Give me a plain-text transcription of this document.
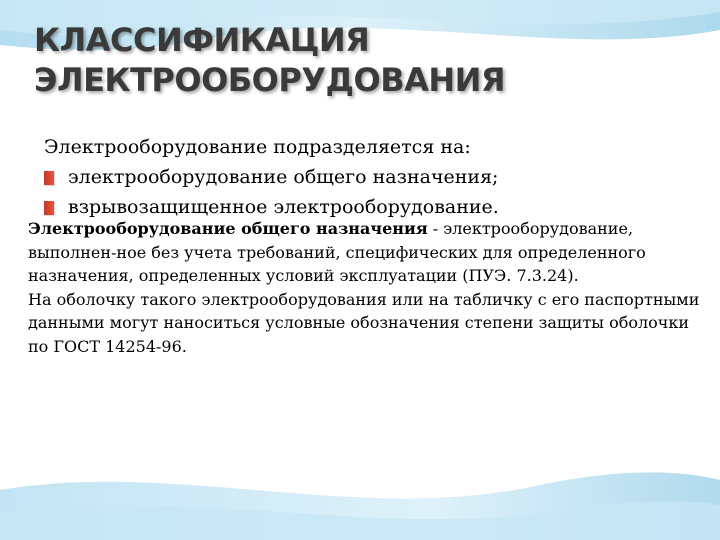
КЛАССИФИКАЦИЯ
ЭЛЕКТРООБОРУДОВАНИЯ

Электрооборудование подразделяется на:

электрооборудование общего назначения;
взрывозащищенное электрооборудование.

Электрооборудование общего назначения - электрооборудование, выполнен-ное без учета требований, специфических для определенного назначения, определенных условий эксплуатации (ПУЭ. 7.3.24).

На оболочку такого электрооборудования или на табличку с его паспортными данными могут наноситься условные обозначения степени защиты оболочки по ГОСТ 14254-96.
